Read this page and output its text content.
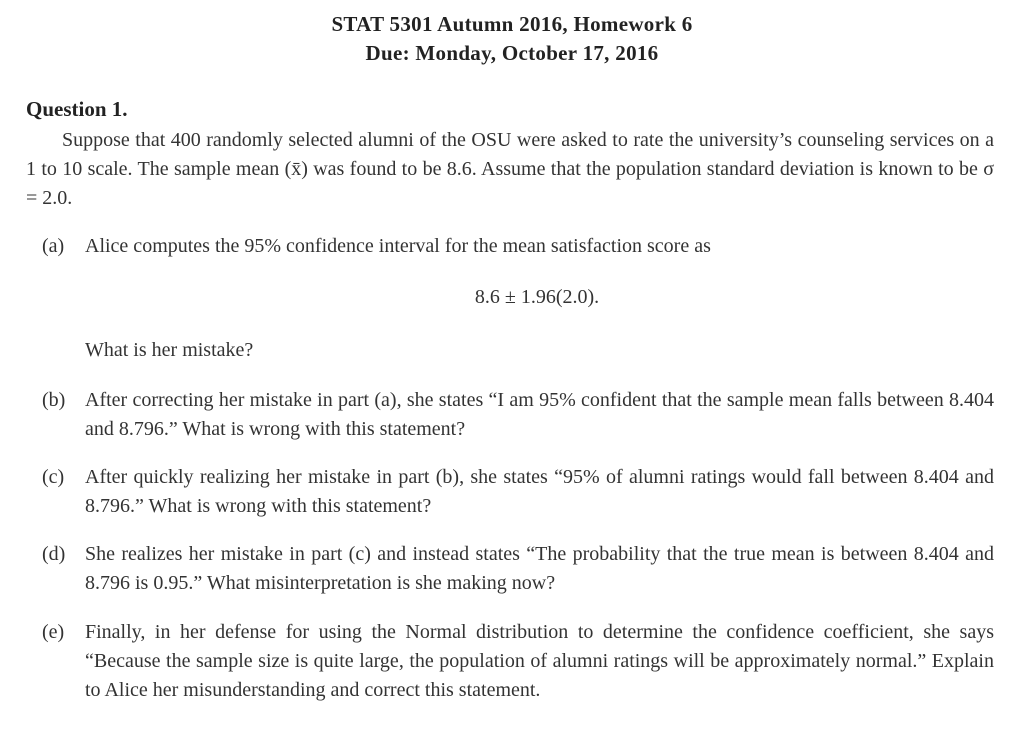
STAT 5301 Autumn 2016, Homework 6
Due: Monday, October 17, 2016
Question 1.
Suppose that 400 randomly selected alumni of the OSU were asked to rate the university’s counseling services on a 1 to 10 scale. The sample mean (x̄) was found to be 8.6. Assume that the population standard deviation is known to be σ = 2.0.
(a) Alice computes the 95% confidence interval for the mean satisfaction score as
8.6 ± 1.96(2.0).
What is her mistake?
(b) After correcting her mistake in part (a), she states “I am 95% confident that the sample mean falls between 8.404 and 8.796.” What is wrong with this statement?
(c) After quickly realizing her mistake in part (b), she states “95% of alumni ratings would fall between 8.404 and 8.796.” What is wrong with this statement?
(d) She realizes her mistake in part (c) and instead states “The probability that the true mean is between 8.404 and 8.796 is 0.95.” What misinterpretation is she making now?
(e) Finally, in her defense for using the Normal distribution to determine the confidence coefficient, she says “Because the sample size is quite large, the population of alumni ratings will be approximately normal.” Explain to Alice her misunderstanding and correct this statement.
